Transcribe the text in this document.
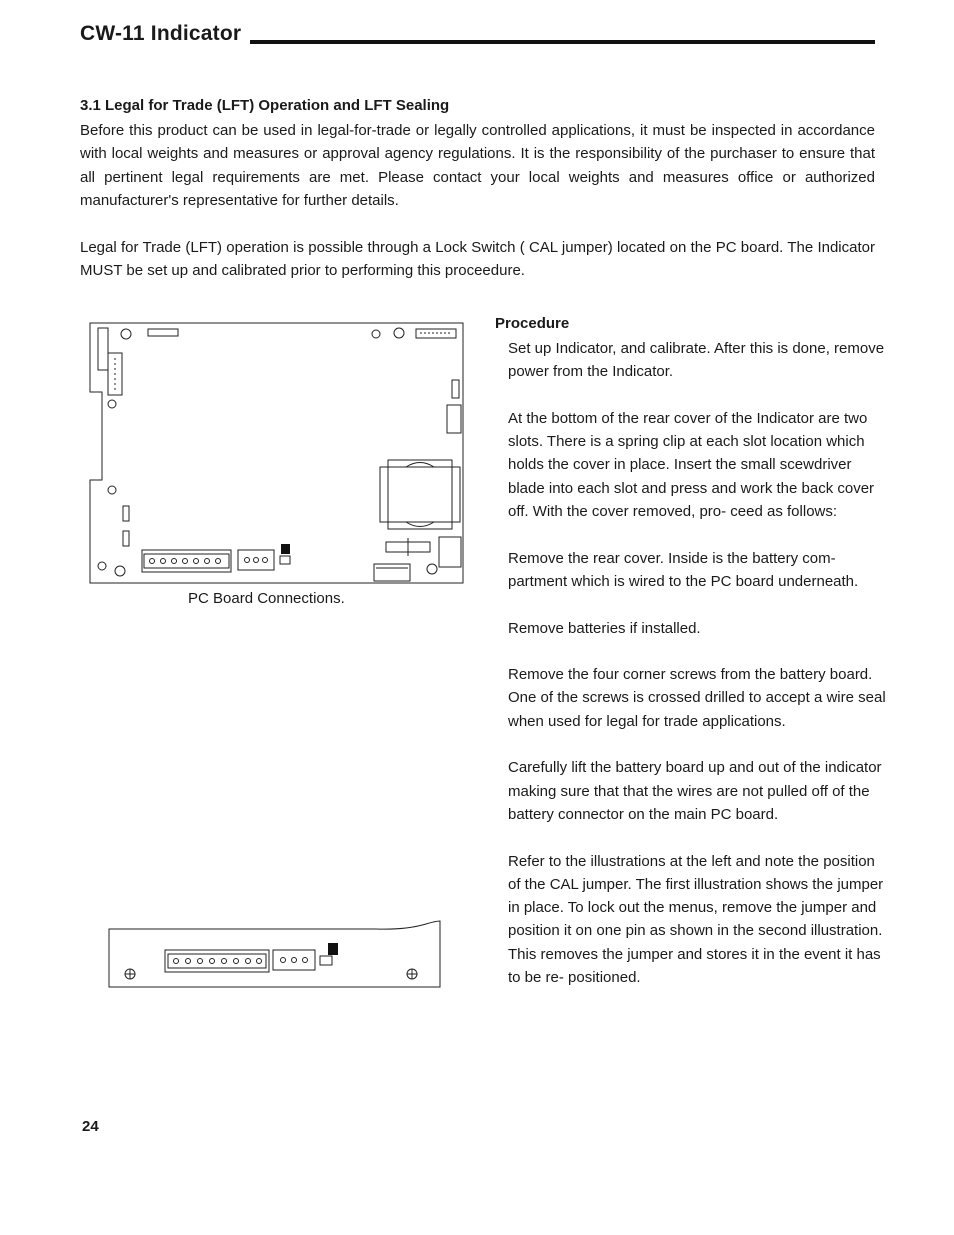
CW-11 Indicator
3.1 Legal for Trade (LFT) Operation and LFT Sealing
Before this product can be used in legal-for-trade or legally controlled applications, it must be inspected in accordance with local weights and measures or approval agency regulations. It is the responsibility of the purchaser to ensure that all pertinent legal requirements are met. Please contact your local weights and measures office or authorized manufacturer's representative for further details.
Legal for Trade (LFT) operation is possible through a Lock Switch ( CAL jumper) located on the PC board. The Indicator MUST be set up and calibrated prior to performing this proceedure.
PC Board Connections.
Procedure

Set up Indicator, and calibrate. After this is done, remove power from the Indicator.

At the bottom of the rear cover of the Indicator are two slots. There is a spring clip at each slot location which holds the cover in place. Insert the small scewdriver blade into each slot and press and work the back cover off. With the cover removed, pro- ceed as follows:

Remove the rear cover. Inside is the battery com- partment which is wired to the PC board underneath.

Remove batteries if installed.

Remove the four corner screws from the battery board. One of the screws is crossed drilled to accept a wire seal when used for legal for trade applications.

Carefully lift the battery board up and out of the indicator making sure that that the wires are not pulled off of the battery connector on the main PC board.

Refer to the illustrations at the left and note the position of the CAL jumper. The first illustration shows the jumper in place. To lock out the menus, remove the jumper and position it on one pin as shown in the second illustration. This removes the jumper and stores it in the event it has to be re- positioned.

24
